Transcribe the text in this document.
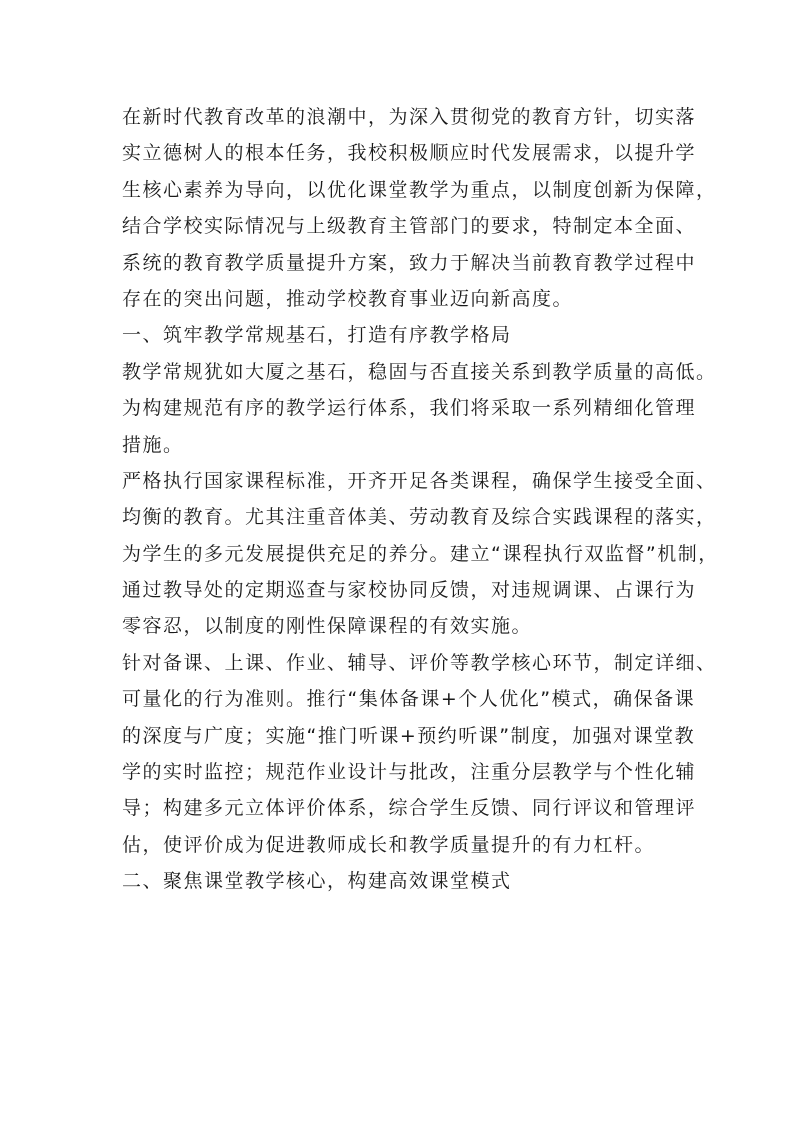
在新时代教育改革的浪潮中，为深入贯彻党的教育方针，切实落
实立德树人的根本任务，我校积极顺应时代发展需求，以提升学
生核心素养为导向，以优化课堂教学为重点，以制度创新为保障，
结合学校实际情况与上级教育主管部门的要求，特制定本全面、
系统的教育教学质量提升方案，致力于解决当前教育教学过程中
存在的突出问题，推动学校教育事业迈向新高度。
一、筑牢教学常规基石，打造有序教学格局
教学常规犹如大厦之基石，稳固与否直接关系到教学质量的高低。
为构建规范有序的教学运行体系，我们将采取一系列精细化管理
措施。
严格执行国家课程标准，开齐开足各类课程，确保学生接受全面、
均衡的教育。尤其注重音体美、劳动教育及综合实践课程的落实，
为学生的多元发展提供充足的养分。建立“课程执行双监督”机制，
通过教导处的定期巡查与家校协同反馈，对违规调课、占课行为
零容忍，以制度的刚性保障课程的有效实施。
针对备课、上课、作业、辅导、评价等教学核心环节，制定详细、
可量化的行为准则。推行“集体备课+个人优化”模式，确保备课
的深度与广度；实施“推门听课+预约听课”制度，加强对课堂教
学的实时监控；规范作业设计与批改，注重分层教学与个性化辅
导；构建多元立体评价体系，综合学生反馈、同行评议和管理评
估，使评价成为促进教师成长和教学质量提升的有力杠杆。
二、聚焦课堂教学核心，构建高效课堂模式
